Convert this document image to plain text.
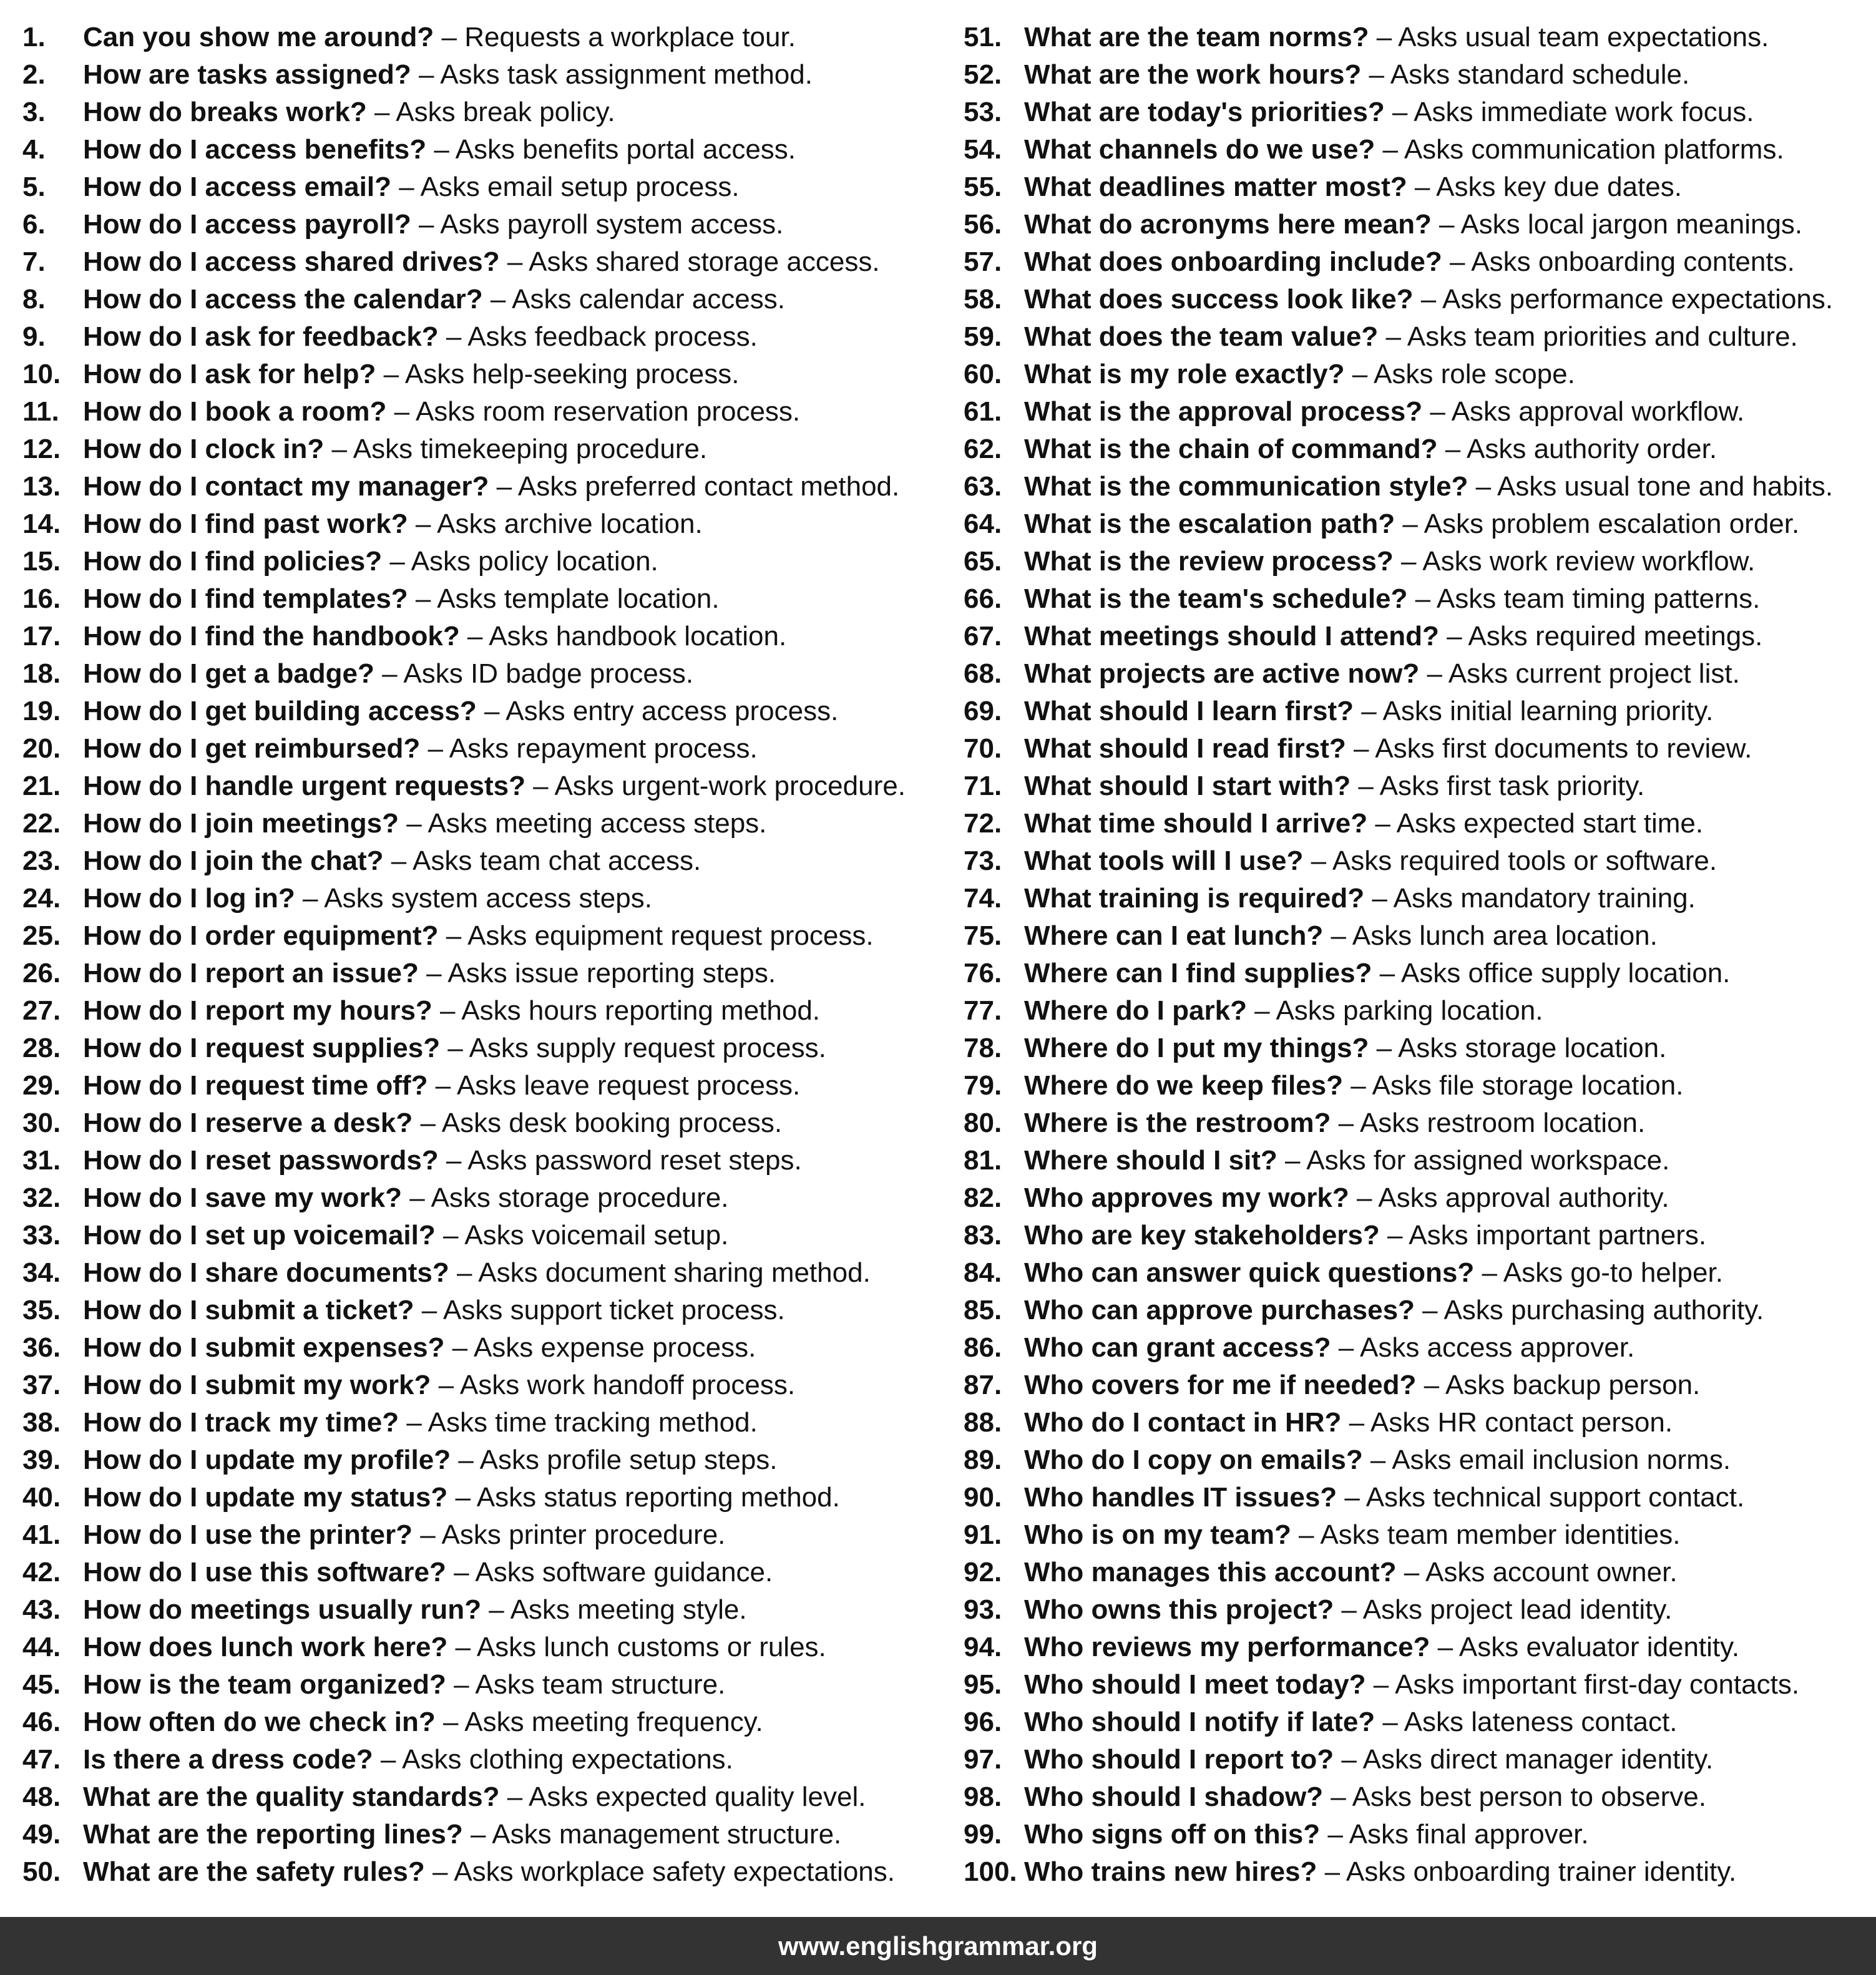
1.	Can you show me around? – Requests a workplace tour.
2.	How are tasks assigned? – Asks task assignment method.
3.	How do breaks work? – Asks break policy.
4.	How do I access benefits? – Asks benefits portal access.
5.	How do I access email? – Asks email setup process.
6.	How do I access payroll? – Asks payroll system access.
7.	How do I access shared drives? – Asks shared storage access.
8.	How do I access the calendar? – Asks calendar access.
9.	How do I ask for feedback? – Asks feedback process.
10. How do I ask for help? – Asks help-seeking process.
11. How do I book a room? – Asks room reservation process.
12. How do I clock in? – Asks timekeeping procedure.
13. How do I contact my manager? – Asks preferred contact method.
14. How do I find past work? – Asks archive location.
15. How do I find policies? – Asks policy location.
16. How do I find templates? – Asks template location.
17. How do I find the handbook? – Asks handbook location.
18. How do I get a badge? – Asks ID badge process.
19. How do I get building access? – Asks entry access process.
20. How do I get reimbursed? – Asks repayment process.
21. How do I handle urgent requests? – Asks urgent-work procedure.
22. How do I join meetings? – Asks meeting access steps.
23. How do I join the chat? – Asks team chat access.
24. How do I log in? – Asks system access steps.
25. How do I order equipment? – Asks equipment request process.
26. How do I report an issue? – Asks issue reporting steps.
27. How do I report my hours? – Asks hours reporting method.
28. How do I request supplies? – Asks supply request process.
29. How do I request time off? – Asks leave request process.
30. How do I reserve a desk? – Asks desk booking process.
31. How do I reset passwords? – Asks password reset steps.
32. How do I save my work? – Asks storage procedure.
33. How do I set up voicemail? – Asks voicemail setup.
34. How do I share documents? – Asks document sharing method.
35. How do I submit a ticket? – Asks support ticket process.
36. How do I submit expenses? – Asks expense process.
37. How do I submit my work? – Asks work handoff process.
38. How do I track my time? – Asks time tracking method.
39. How do I update my profile? – Asks profile setup steps.
40. How do I update my status? – Asks status reporting method.
41. How do I use the printer? – Asks printer procedure.
42. How do I use this software? – Asks software guidance.
43. How do meetings usually run? – Asks meeting style.
44. How does lunch work here? – Asks lunch customs or rules.
45. How is the team organized? – Asks team structure.
46. How often do we check in? – Asks meeting frequency.
47. Is there a dress code? – Asks clothing expectations.
48. What are the quality standards? – Asks expected quality level.
49. What are the reporting lines? – Asks management structure.
50. What are the safety rules? – Asks workplace safety expectations.
51. What are the team norms? – Asks usual team expectations.
52. What are the work hours? – Asks standard schedule.
53. What are today's priorities? – Asks immediate work focus.
54. What channels do we use? – Asks communication platforms.
55. What deadlines matter most? – Asks key due dates.
56. What do acronyms here mean? – Asks local jargon meanings.
57. What does onboarding include? – Asks onboarding contents.
58. What does success look like? – Asks performance expectations.
59. What does the team value? – Asks team priorities and culture.
60. What is my role exactly? – Asks role scope.
61. What is the approval process? – Asks approval workflow.
62. What is the chain of command? – Asks authority order.
63. What is the communication style? – Asks usual tone and habits.
64. What is the escalation path? – Asks problem escalation order.
65. What is the review process? – Asks work review workflow.
66. What is the team's schedule? – Asks team timing patterns.
67. What meetings should I attend? – Asks required meetings.
68. What projects are active now? – Asks current project list.
69. What should I learn first? – Asks initial learning priority.
70. What should I read first? – Asks first documents to review.
71. What should I start with? – Asks first task priority.
72. What time should I arrive? – Asks expected start time.
73. What tools will I use? – Asks required tools or software.
74. What training is required? – Asks mandatory training.
75. Where can I eat lunch? – Asks lunch area location.
76. Where can I find supplies? – Asks office supply location.
77. Where do I park? – Asks parking location.
78. Where do I put my things? – Asks storage location.
79. Where do we keep files? – Asks file storage location.
80. Where is the restroom? – Asks restroom location.
81. Where should I sit? – Asks for assigned workspace.
82. Who approves my work? – Asks approval authority.
83. Who are key stakeholders? – Asks important partners.
84. Who can answer quick questions? – Asks go-to helper.
85. Who can approve purchases? – Asks purchasing authority.
86. Who can grant access? – Asks access approver.
87. Who covers for me if needed? – Asks backup person.
88. Who do I contact in HR? – Asks HR contact person.
89. Who do I copy on emails? – Asks email inclusion norms.
90. Who handles IT issues? – Asks technical support contact.
91. Who is on my team? – Asks team member identities.
92. Who manages this account? – Asks account owner.
93. Who owns this project? – Asks project lead identity.
94. Who reviews my performance? – Asks evaluator identity.
95. Who should I meet today? – Asks important first-day contacts.
96. Who should I notify if late? – Asks lateness contact.
97. Who should I report to? – Asks direct manager identity.
98. Who should I shadow? – Asks best person to observe.
99. Who signs off on this? – Asks final approver.
100. Who trains new hires? – Asks onboarding trainer identity.
www.englishgrammar.org
